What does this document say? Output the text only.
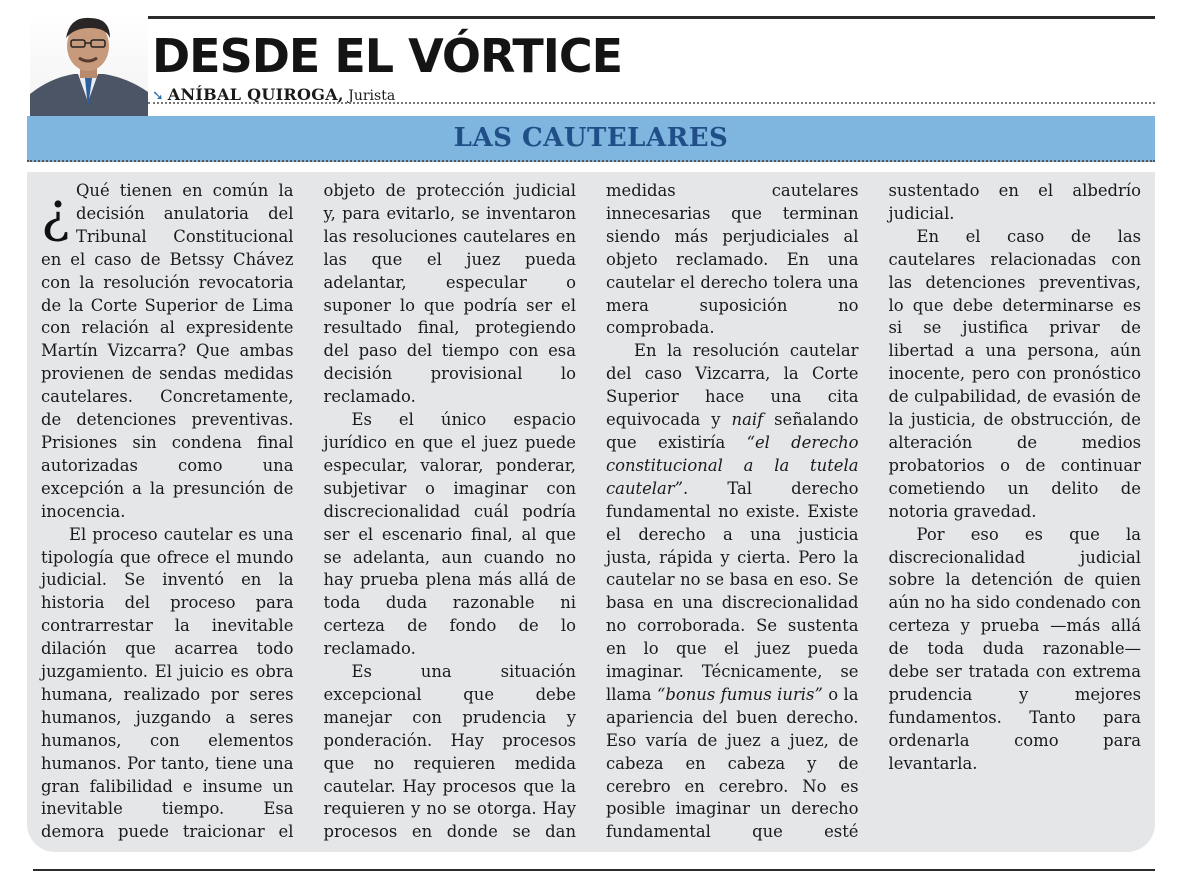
DESDE EL VÓRTICE
➘ ANÍBAL QUIROGA, Jurista
LAS CAUTELARES

¿ Qué tienen en común la decisión anulatoria del Tribunal Constitucional en el caso de Betssy Chávez con la resolución revocatoria de la Corte Superior de Lima con relación al expresidente Martín Vizcarra? Que ambas provienen de sendas medidas cautelares. Concretamente, de detenciones preventivas. Prisiones sin condena final autorizadas como una excepción a la presunción de inocencia.

El proceso cautelar es una tipología que ofrece el mundo judicial. Se inventó en la historia del proceso para contrarrestar la inevitable dilación que acarrea todo juzgamiento. El juicio es obra humana, realizado por seres humanos, juzgando a seres humanos, con elementos humanos. Por tanto, tiene una gran falibilidad e insume un inevitable tiempo. Esa demora puede traicionar el objeto de protección judicial y, para evitarlo, se inventaron las resoluciones cautelares en las que el juez pueda adelantar, especular o suponer lo que podría ser el resultado final, protegiendo del paso del tiempo con esa decisión provisional lo reclamado.

Es el único espacio jurídico en que el juez puede especular, valorar, ponderar, subjetivar o imaginar con discrecionalidad cuál podría ser el escenario final, al que se adelanta, aun cuando no hay prueba plena más allá de toda duda razonable ni certeza de fondo de lo reclamado.

Es una situación excepcional que debe manejar con prudencia y ponderación. Hay procesos que no requieren medida cautelar. Hay procesos que la requieren y no se otorga. Hay procesos en donde se dan medidas cautelares innecesarias que terminan siendo más perjudiciales al objeto reclamado. En una cautelar el derecho tolera una mera suposición no comprobada.

En la resolución cautelar del caso Vizcarra, la Corte Superior hace una cita equivocada y naif señalando que existiría “el derecho constitucional a la tutela cautelar”. Tal derecho fundamental no existe. Existe el derecho a una justicia justa, rápida y cierta. Pero la cautelar no se basa en eso. Se basa en una discrecionalidad no corroborada. Se sustenta en lo que el juez pueda imaginar. Técnicamente, se llama “bonus fumus iuris” o la apariencia del buen derecho. Eso varía de juez a juez, de cabeza en cabeza y de cerebro en cerebro. No es posible imaginar un derecho fundamental que esté sustentado en el albedrío judicial.

En el caso de las cautelares relacionadas con las detenciones preventivas, lo que debe determinarse es si se justifica privar de libertad a una persona, aún inocente, pero con pronóstico de culpabilidad, de evasión de la justicia, de obstrucción, de alteración de medios probatorios o de continuar cometiendo un delito de notoria gravedad.

Por eso es que la discrecionalidad judicial sobre la detención de quien aún no ha sido condenado con certeza y prueba —más allá de toda duda razonable— debe ser tratada con extrema prudencia y mejores fundamentos. Tanto para ordenarla como para levantarla.
